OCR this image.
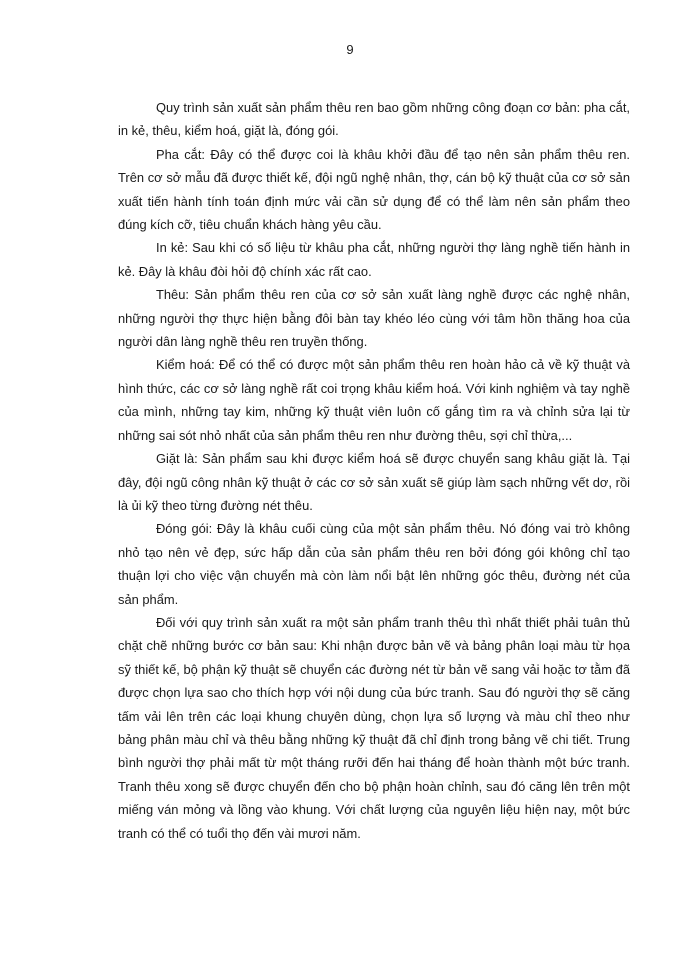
9

Quy trình sản xuất sản phẩm thêu ren bao gồm những công đoạn cơ bản: pha cắt, in kẻ, thêu, kiểm hoá, giặt là, đóng gói.

Pha cắt: Đây có thể được coi là khâu khởi đầu để tạo nên sản phẩm thêu ren. Trên cơ sở mẫu đã được thiết kế, đội ngũ nghệ nhân, thợ, cán bộ kỹ thuật của cơ sở sản xuất tiến hành tính toán định mức vải cần sử dụng để có thể làm nên sản phẩm theo đúng kích cỡ, tiêu chuẩn khách hàng yêu cầu.

In kẻ: Sau khi có số liệu từ khâu pha cắt, những người thợ làng nghề tiến hành in kẻ. Đây là khâu đòi hỏi độ chính xác rất cao.

Thêu: Sản phẩm thêu ren của cơ sở sản xuất làng nghề được các nghệ nhân, những người thợ thực hiện bằng đôi bàn tay khéo léo cùng với tâm hồn thăng hoa của người dân làng nghề thêu ren truyền thống.

Kiểm hoá: Để có thể có được một sản phẩm thêu ren hoàn hảo cả về kỹ thuật và hình thức, các cơ sở làng nghề rất coi trọng khâu kiểm hoá. Với kinh nghiệm và tay nghề của mình, những tay kim, những kỹ thuật viên luôn cố gắng tìm ra và chỉnh sửa lại từ những sai sót nhỏ nhất của sản phẩm thêu ren như đường thêu, sợi chỉ thừa,...

Giặt là: Sản phẩm sau khi được kiểm hoá sẽ được chuyển sang khâu giặt là. Tại đây, đội ngũ công nhân kỹ thuật ở các cơ sở sản xuất sẽ giúp làm sạch những vết dơ, rồi là ủi kỹ theo từng đường nét thêu.

Đóng gói: Đây là khâu cuối cùng của một sản phẩm thêu. Nó đóng vai trò không nhỏ tạo nên vẻ đẹp, sức hấp dẫn của sản phẩm thêu ren bởi đóng gói không chỉ tạo thuận lợi cho việc vận chuyển mà còn làm nổi bật lên những góc thêu, đường nét của sản phẩm.

Đối với quy trình sản xuất ra một sản phẩm tranh thêu thì nhất thiết phải tuân thủ chặt chẽ những bước cơ bản sau: Khi nhận được bản vẽ và bảng phân loại màu từ họa sỹ thiết kế, bộ phận kỹ thuật sẽ chuyển các đường nét từ bản vẽ sang vải hoặc tơ tằm đã được chọn lựa sao cho thích hợp với nội dung của bức tranh. Sau đó người thợ sẽ căng tấm vải lên trên các loại khung chuyên dùng, chọn lựa số lượng và màu chỉ theo như bảng phân màu chỉ và thêu bằng những kỹ thuật đã chỉ định trong bảng vẽ chi tiết. Trung bình người thợ phải mất từ một tháng rưỡi đến hai tháng để hoàn thành một bức tranh. Tranh thêu xong sẽ được chuyển đến cho bộ phận hoàn chỉnh, sau đó căng lên trên một miếng ván mỏng và lồng vào khung. Với chất lượng của nguyên liệu hiện nay, một bức tranh có thể có tuổi thọ đến vài mươi năm.
